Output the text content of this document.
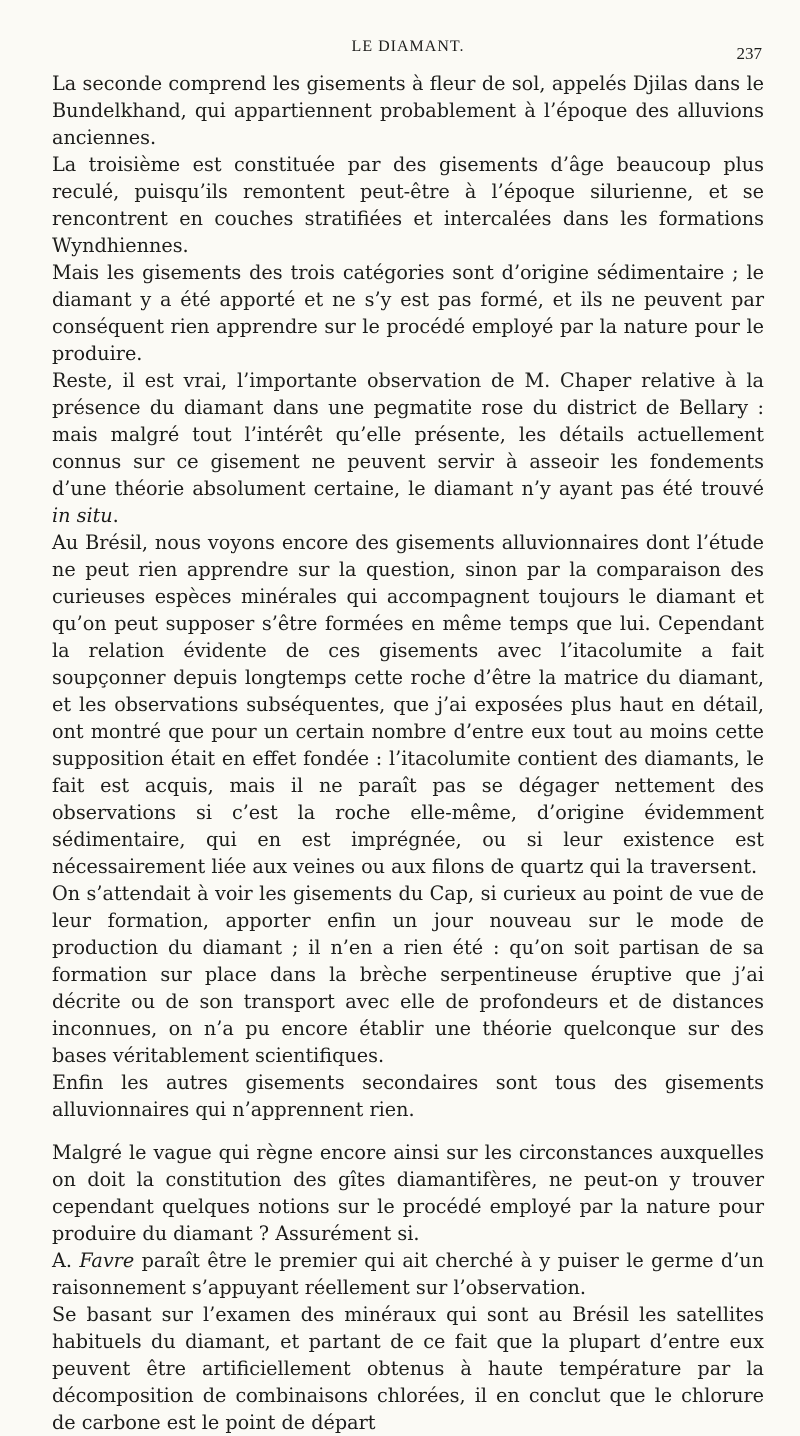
LE DIAMANT.	237

La seconde comprend les gisements à fleur de sol, appelés Djilas dans le Bundelkhand, qui appartiennent probablement à l’époque des alluvions anciennes.

La troisième est constituée par des gisements d’âge beaucoup plus reculé, puisqu’ils remontent peut-être à l’époque silurienne, et se rencontrent en couches stratifiées et intercalées dans les formations Wyndhiennes.

Mais les gisements des trois catégories sont d’origine sédimentaire ; le diamant y a été apporté et ne s’y est pas formé, et ils ne peuvent par conséquent rien apprendre sur le procédé employé par la nature pour le produire.

Reste, il est vrai, l’importante observation de M. Chaper relative à la présence du diamant dans une pegmatite rose du district de Bellary : mais malgré tout l’intérêt qu’elle présente, les détails actuellement connus sur ce gisement ne peuvent servir à asseoir les fondements d’une théorie absolument certaine, le diamant n’y ayant pas été trouvé in situ.

Au Brésil, nous voyons encore des gisements alluvionnaires dont l’étude ne peut rien apprendre sur la question, sinon par la comparaison des curieuses espèces minérales qui accompagnent toujours le diamant et qu’on peut supposer s’être formées en même temps que lui. Cependant la relation évidente de ces gisements avec l’itacolumite a fait soupçonner depuis longtemps cette roche d’être la matrice du diamant, et les observations subséquentes, que j’ai exposées plus haut en détail, ont montré que pour un certain nombre d’entre eux tout au moins cette supposition était en effet fondée : l’itacolumite contient des diamants, le fait est acquis, mais il ne paraît pas se dégager nettement des observations si c’est la roche elle-même, d’origine évidemment sédimentaire, qui en est imprégnée, ou si leur existence est nécessairement liée aux veines ou aux filons de quartz qui la traversent.

On s’attendait à voir les gisements du Cap, si curieux au point de vue de leur formation, apporter enfin un jour nouveau sur le mode de production du diamant ; il n’en a rien été : qu’on soit partisan de sa formation sur place dans la brèche serpentineuse éruptive que j’ai décrite ou de son transport avec elle de profondeurs et de distances inconnues, on n’a pu encore établir une théorie quelconque sur des bases véritablement scientifiques.

Enfin les autres gisements secondaires sont tous des gisements alluvionnaires qui n’apprennent rien.

Malgré le vague qui règne encore ainsi sur les circonstances auxquelles on doit la constitution des gîtes diamantifères, ne peut-on y trouver cependant quelques notions sur le procédé employé par la nature pour produire du diamant ? Assurément si.

A. Favre paraît être le premier qui ait cherché à y puiser le germe d’un raisonnement s’appuyant réellement sur l’observation.

Se basant sur l’examen des minéraux qui sont au Brésil les satellites habituels du diamant, et partant de ce fait que la plupart d’entre eux peuvent être artificiellement obtenus à haute température par la décomposition de combinaisons chlorées, il en conclut que le chlorure de carbone est le point de départ
